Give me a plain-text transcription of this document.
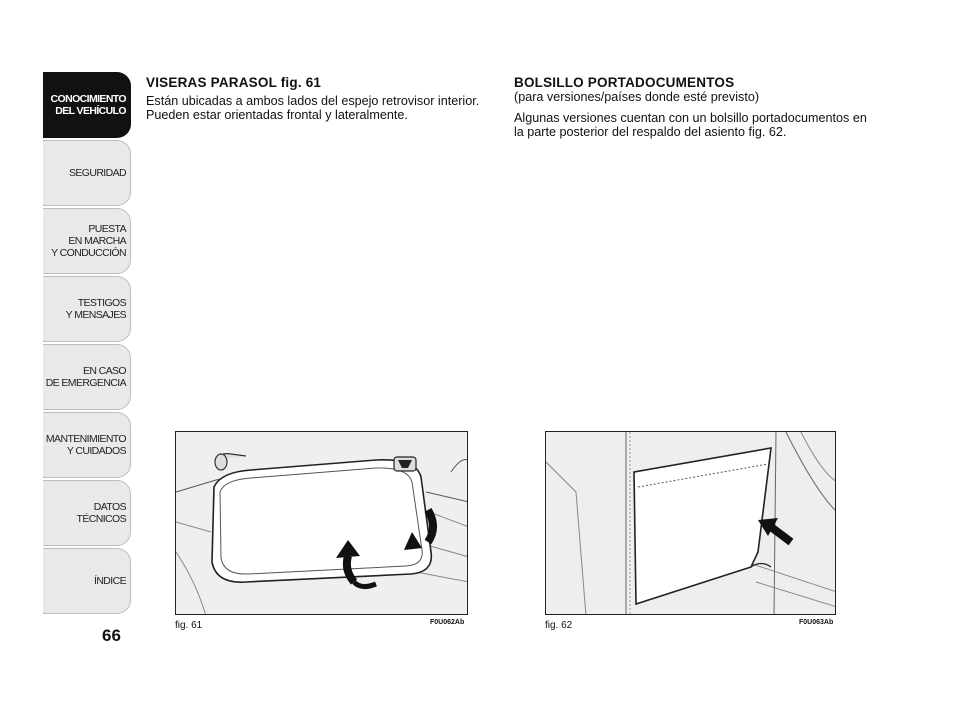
CONOCIMIENTO
DEL VEHÍCULO
SEGURIDAD
PUESTA
EN MARCHA
Y CONDUCCIÓN
TESTIGOS
Y MENSAJES
EN CASO
DE EMERGENCIA
MANTENIMIENTO
Y CUIDADOS
DATOS TÉCNICOS
ÍNDICE
66
VISERAS PARASOL fig. 61

Están ubicadas a ambos lados del espejo retrovisor interior. Pueden estar orientadas frontal y lateralmente.

BOLSILLO PORTADOCUMENTOS

(para versiones/países donde esté previsto)

Algunas versiones cuentan con un bolsillo portadocumentos en la parte posterior del respaldo del asiento fig. 62.

fig. 61	F0U062Ab	fig. 62	F0U063Ab
